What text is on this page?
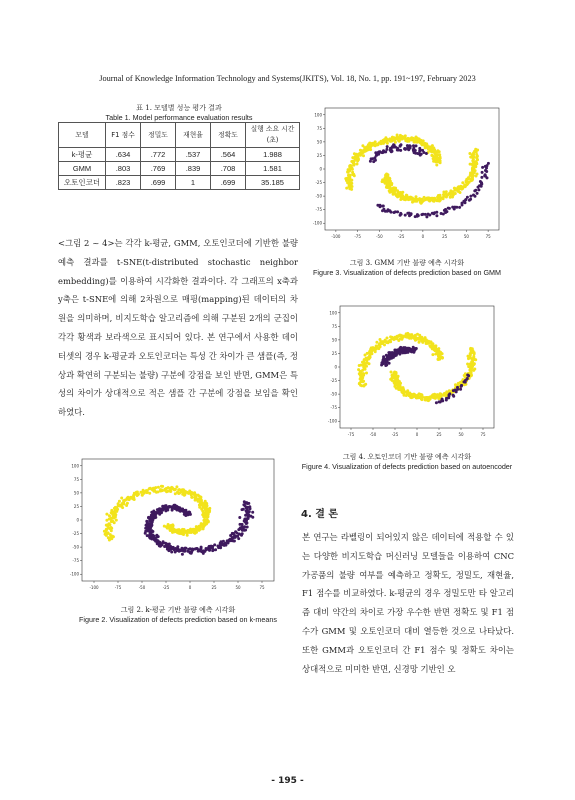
Journal of Knowledge Information Technology and Systems(JKITS), Vol. 18, No. 1, pp. 191~197, February 2023
표 1. 모델별 성능 평가 결과
Table 1. Model performance evaluation results
모델	F1 점수	정밀도	재현율	정확도	실행 소요 시간(초)
k-평균	.634	.772	.537	.564	1.988
GMM	.803	.769	.839	.708	1.581
오토인코더	.823	.699	1	.699	35.185
<그림 2 ~ 4>는 각각 k-평균, GMM, 오토인코더에 기반한 불량 예측 결과를 t-SNE(t-distributed stochastic neighbor embedding)를 이용하여 시각화한 결과이다. 각 그래프의 x축과 y축은 t-SNE에 의해 2차원으로 매핑(mapping)된 데이터의 차원을 의미하며, 비지도학습 알고리즘에 의해 구분된 2개의 군집이 각각 황색과 보라색으로 표시되어 있다. 본 연구에서 사용한 데이터셋의 경우 k-평균과 오토인코더는 특성 간 차이가 큰 샘플(즉, 정상과 확연히 구분되는 불량) 구분에 강점을 보인 반면, GMM은 특성의 차이가 상대적으로 적은 샘플 간 구분에 강점을 보임을 확인하였다.
100
75
50
25
0
-25
-50
-75
-100
-100	-75	-50	-25	0	25	50	75
그림 2. k-평균 기반 불량 예측 시각화
Figure 2. Visualization of defects prediction based on k-means
100
75
50
25
0
-25
-50
-75
-100
-100	-75	-50	-25	0	25	50	75
그림 3. GMM 기반 불량 예측 시각화
Figure 3. Visualization of defects prediction based on GMM
100
75
50
25
0
-25
-50
-75
-100
-75	-50	-25	0	25	50	75
그림 4. 오토인코더 기반 불량 예측 시각화
Figure 4. Visualization of defects prediction based on autoencoder
4. 결 론
본 연구는 라벨링이 되어있지 않은 데이터에 적용할 수 있는 다양한 비지도학습 머신러닝 모델들을 이용하여 CNC 가공품의 불량 여부를 예측하고 정확도, 정밀도, 재현율, F1 점수를 비교하였다. k-평균의 경우 정밀도만 타 알고리즘 대비 약간의 차이로 가장 우수한 반면 정확도 및 F1 점수가 GMM 및 오토인코더 대비 열등한 것으로 나타났다. 또한 GMM과 오토인코더 간 F1 점수 및 정확도 차이는 상대적으로 미미한 반면, 신경망 기반인 오
- 195 -
